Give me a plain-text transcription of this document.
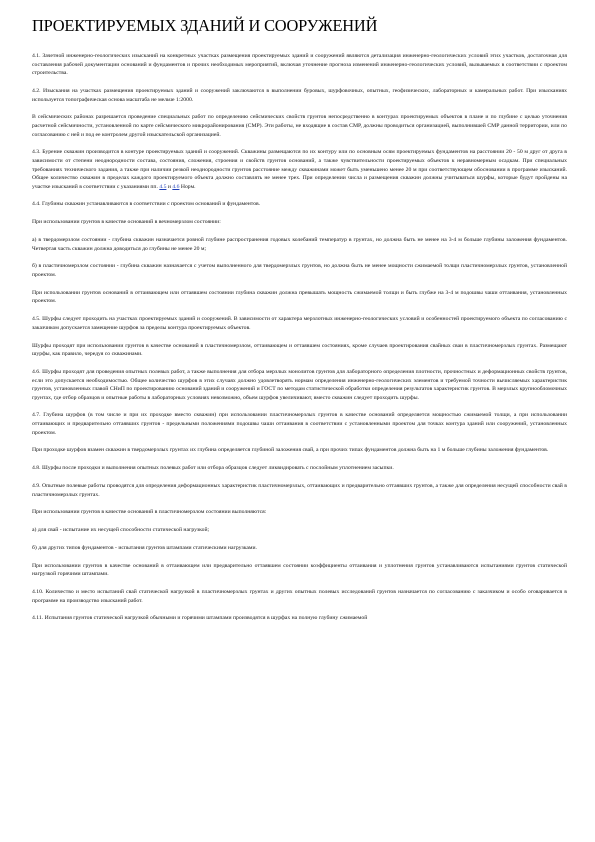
ПРОЕКТИРУЕМЫХ ЗДАНИЙ И СООРУЖЕНИЙ

4.1. Зачетной инженерно-геологических изысканий на конкретных участках размещения проектируемых зданий и сооружений являются детализация инженерно-геологических условий этих участков, достаточная для составления рабочей документации оснований и фундаментов и прочих необходимых мероприятий, включая уточнение прогноза изменений инженерно-геологических условий, вызываемых в соответствии с проектом строительства.

4.2. Изыскания на участках размещения проектируемых зданий и сооружений заключаются в выполнении буровых, шурфовочных, опытных, геофизических, лабораторных и камеральных работ. При изысканиях используется топографическая основа масштаба не мельче 1:2000.

В сейсмических районах разрешается проведение специальных работ по определению сейсмических свойств грунтов непосредственно в контурах проектируемых объектов в плане и по глубине с целью уточнения расчетной сейсмичности, установленной по карте сейсмического микрорайонирования (СМР). Эти работы, не входящие в состав СМР, должны проводиться организацией, выполнившей СМР данной территории, или по согласованию с ней и под ее контролем другой изыскательской организацией.

4.3. Бурение скважин производится в контуре проектируемых зданий и сооружений. Скважины размещаются по их контуру или по основным осям проектируемых фундаментов на расстоянии 20 - 50 м друг от друга в зависимости от степени неоднородности состава, состояния, сложения, строения и свойств грунтов оснований, а также чувствительности проектируемых объектов к неравномерным осадкам. При специальных требованиях технического задания, а также при наличии резкой неоднородности грунтов расстояние между скважинами может быть уменьшено менее 20 м при соответствующем обосновании в программе изысканий. Общее количество скважин в пределах каждого проектируемого объекта должно составлять не менее трех. При определении числа и размещения скважин должны учитываться шурфы, которые будут пройдены на участке изысканий в соответствии с указаниями пп. 4.5 и 4.6 Норм.

4.4. Глубины скважин устанавливаются в соответствии с проектом оснований и фундаментов.

При использовании грунтов в качестве оснований в вечномерзлом состоянии:

а) в твердомерзлом состоянии - глубина скважин назначается ровной глубине распространения годовых колебаний температур в грунтах, но должна быть не менее на 3-4 м больше глубины заложения фундаментов. Четвертая часть скважин должна доводиться до глубины не менее 20 м;

б) в пластичномерзлом состоянии - глубина скважин назначается с учетом выполненного для твердомерзлых грунтов, но должна быть не менее мощности сжимаемой толщи пластичномерзлых грунтов, установленной проектом.

При использовании грунтов оснований в оттаивающем или оттаявшем состоянии глубина скважин должна превышать мощность сжимаемой толщи и быть глубже на 3-4 м подошвы чаши оттаивания, установленных проектом.

4.5. Шурфы следует проходить на участках проектируемых зданий и сооружений. В зависимости от характера мерзлотных инженерно-геологических условий и особенностей проектируемого объекта по согласованию с заказчиком допускается замещение шурфов за пределы контура проектируемых объектов.

Шурфы проходят при использовании грунтов в качестве оснований в пластичномерзлом, оттаивающем и оттаявшем состояниях, кроме случаев проектирования свайных сваи в пластичномерзлых грунтах. Размещают шурфы, как правило, чередуя со скважинами.

4.6. Шурфы проходят для проведения опытных полевых работ, а также выполнения для отбора мерзлых монолитов грунтов для лабораторного определения плотности, прочностных и деформационных свойств грунтов, если это допускается необходимостью. Общее количество шурфов в этих случаях должно удовлетворять нормам определения инженерно-геологических элементов и требуемой точности вычисляемых характеристик грунтов, установленных главой СНиП по проектированию оснований зданий и сооружений и ГОСТ по методам статистической обработки определения результатов характеристик грунтов. В мерзлых крупнообломочных грунтах, где отбор образцов и опытные работы в лабораторных условиях невозможно, объем шурфов увеличивают, вместо скважин следует проходить шурфы.

4.7. Глубина шурфов (в том числе и при их проходке вместо скважин) при использовании пластичномерзлых грунтов в качестве оснований определяется мощностью сжимаемой толщи, а при использовании оттаивающих и предварительно оттаявших грунтов - предельными положениями подошвы чаши оттаивания в соответствии с установленными проектом для точках контура зданий или сооружений, установленных проектом.

При проходке шурфов взамен скважин в твердомерзлых грунтах их глубина определяется глубиной заложения свай, а при прочих типах фундаментов должна быть на 1 м больше глубины заложения фундаментов.

4.8. Шурфы после проходки и выполнения опытных полевых работ или отбора образцов следует ликвидировать с послойным уплотнением засыпки.

4.9. Опытные полевые работы проводятся для определения деформационных характеристик пластичномерзлых, оттаивающих и предварительно оттаявших грунтов, а также для определения несущей способности свай в пластичномерзлых грунтах.

При использовании грунтов в качестве оснований в пластичномерзлом состоянии выполняются:

а) для свай - испытание их несущей способности статической нагрузкой;

б) для других типов фундаментов - испытания грунтов штампами статическими нагрузками.

При использовании грунтов в качестве оснований в оттаивающем или предварительно оттаявшем состоянии коэффициенты оттаивания и уплотнения грунтов устанавливаются испытаниями грунтов статической нагрузкой горячими штампами.

4.10. Количество и место испытаний свай статической нагрузкой в пластичномерзлых грунтах и других опытных полевых исследований грунтов назначается по согласованию с заказчиком и особо оговаривается в программе на производство изысканий работ.

4.11. Испытания грунтов статической нагрузкой обычными и горячими штампами производятся в шурфах на полную глубину сжимаемой
